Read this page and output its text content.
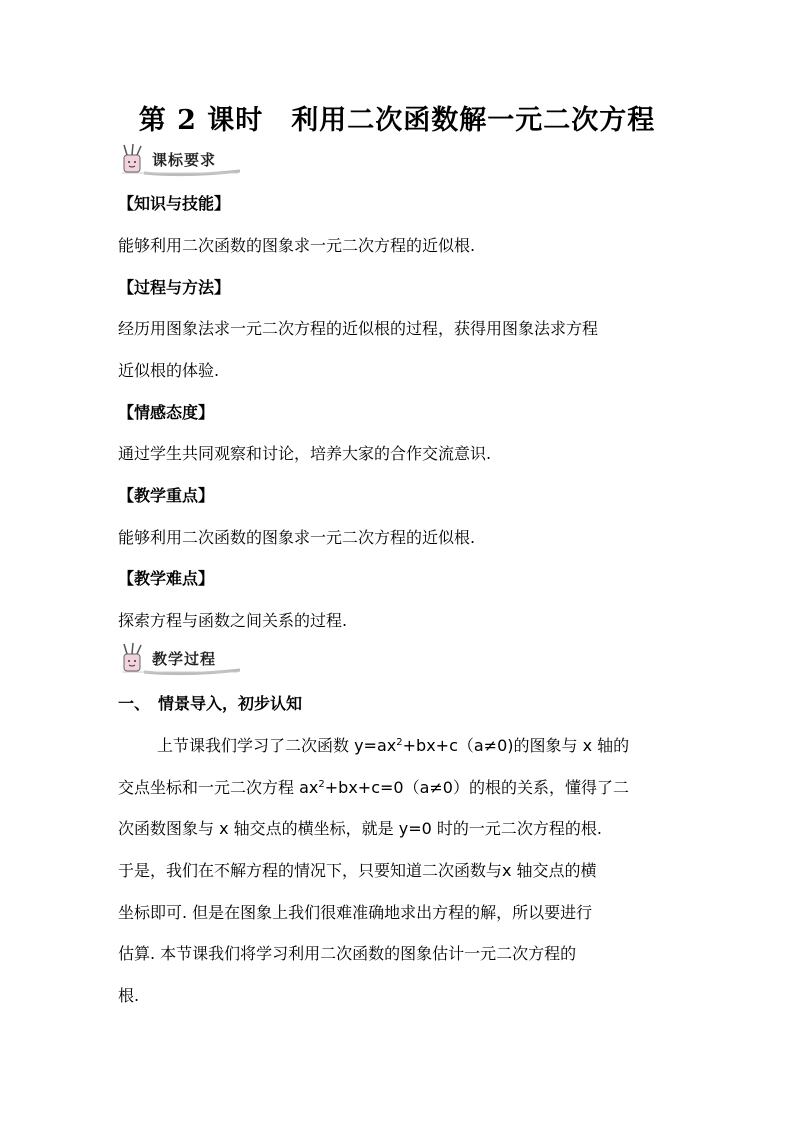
第 2 课时　利用二次函数解一元二次方程
课标要求
【知识与技能】
能够利用二次函数的图象求一元二次方程的近似根.
【过程与方法】
经历用图象法求一元二次方程的近似根的过程，获得用图象法求方程
近似根的体验.
【情感态度】
通过学生共同观察和讨论，培养大家的合作交流意识.
【教学重点】
能够利用二次函数的图象求一元二次方程的近似根.
【教学难点】
探索方程与函数之间关系的过程.
教学过程
一、　情景导入，初步认知
上节课我们学习了二次函数 $y=ax^2+bx+c(a\ne 0)$的图象与 x 轴的
交点坐标和一元二次方程 $ax^2+bx+c=0(a\ne 0)$的根的关系，懂得了二
次函数图象与 x 轴交点的横坐标，就是 y=0 时的一元二次方程的根.
于是，我们在不解方程的情况下，只要知道二次函数与x 轴交点的横
坐标即可. 但是在图象上我们很难准确地求出方程的解，所以要进行
估算. 本节课我们将学习利用二次函数的图象估计一元二次方程的
根.
